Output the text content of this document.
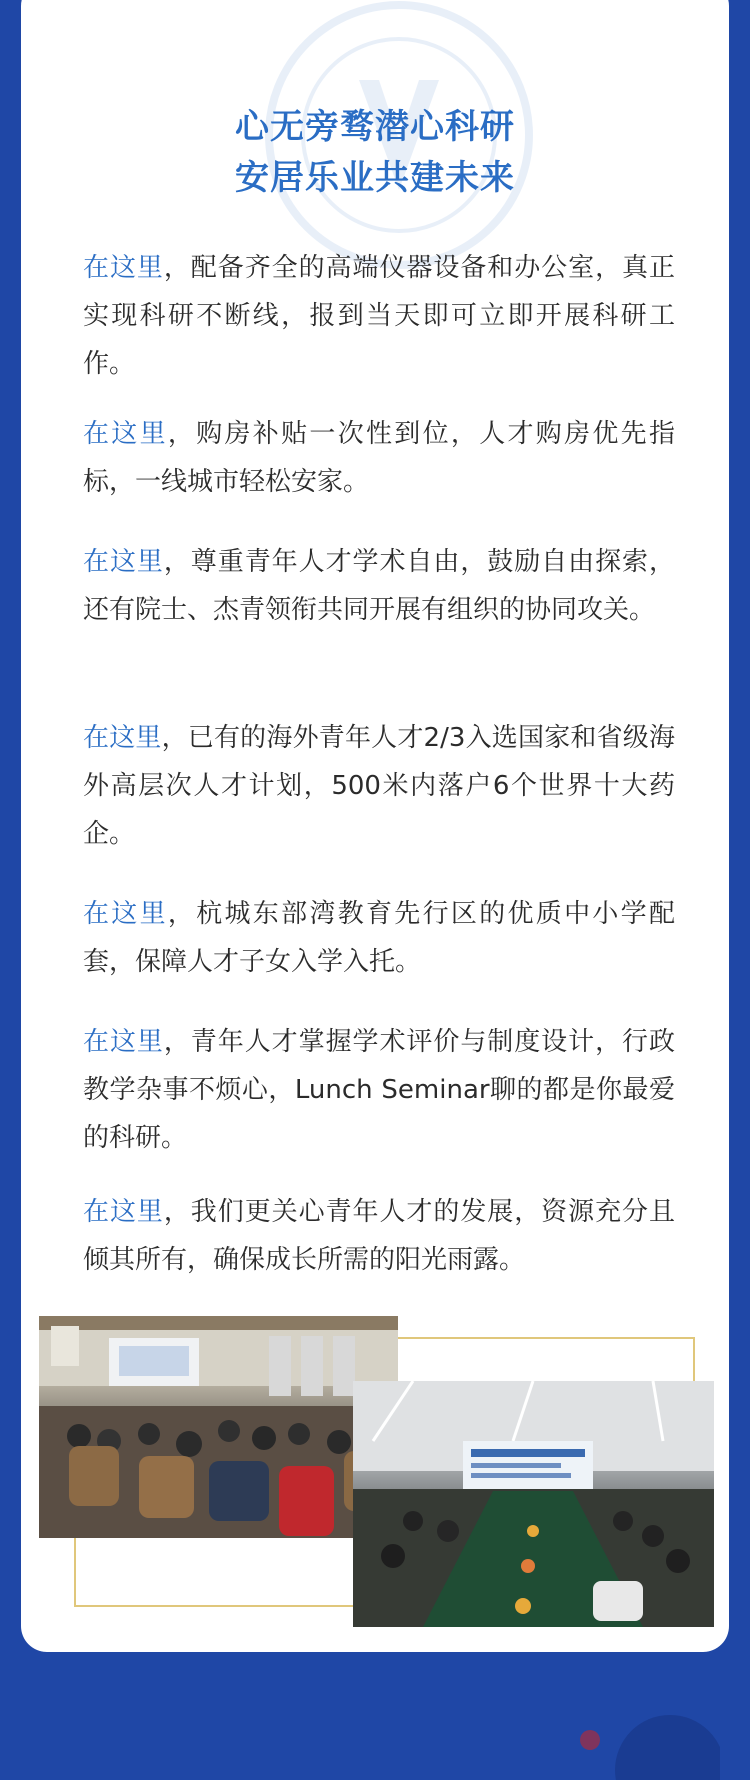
心无旁骛潜心科研
安居乐业共建未来

在这里，配备齐全的高端仪器设备和办公室，真正实现科研不断线，报到当天即可立即开展科研工作。

在这里，购房补贴一次性到位，人才购房优先指标，一线城市轻松安家。

在这里，尊重青年人才学术自由，鼓励自由探索，还有院士、杰青领衔共同开展有组织的协同攻关。

在这里，已有的海外青年人才2/3入选国家和省级海外高层次人才计划，500米内落户6个世界十大药企。

在这里，杭城东部湾教育先行区的优质中小学配套，保障人才子女入学入托。

在这里，青年人才掌握学术评价与制度设计，行政教学杂事不烦心，Lunch Seminar聊的都是你最爱的科研。

在这里，我们更关心青年人才的发展，资源充分且倾其所有，确保成长所需的阳光雨露。
